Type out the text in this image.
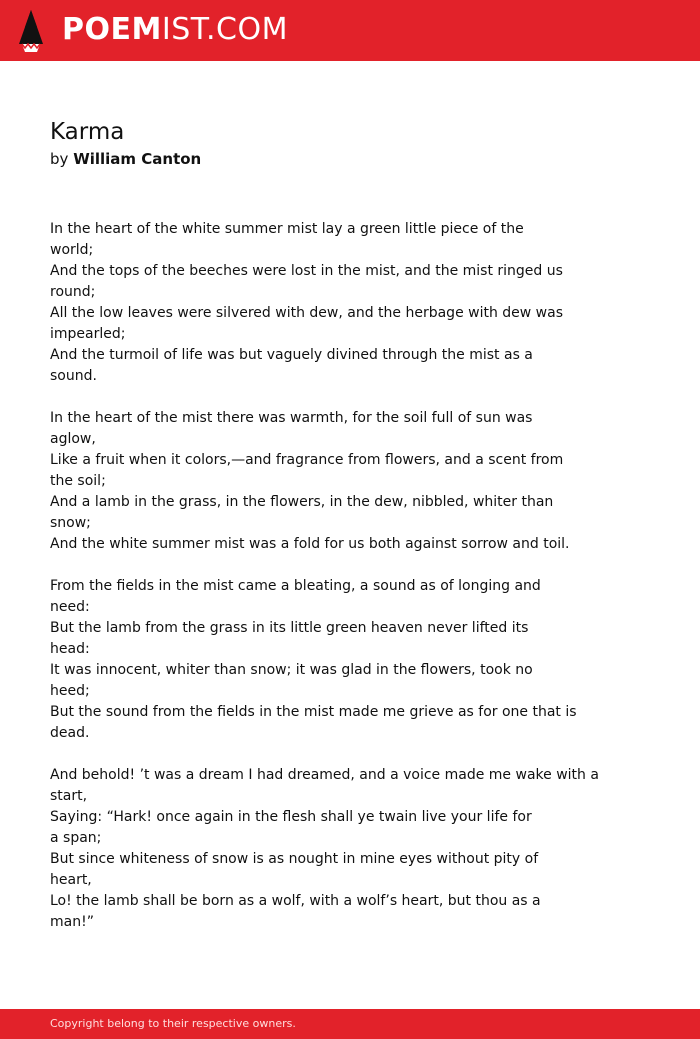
POEMIST.COM
Karma
by William Canton
In the heart of the white summer mist lay a green little piece of the
world;
And the tops of the beeches were lost in the mist, and the mist ringed us
round;
All the low leaves were silvered with dew, and the herbage with dew was
impearled;
And the turmoil of life was but vaguely divined through the mist as a
sound.
In the heart of the mist there was warmth, for the soil full of sun was
aglow,
Like a fruit when it colors,—and fragrance from flowers, and a scent from
the soil;
And a lamb in the grass, in the flowers, in the dew, nibbled, whiter than
snow;
And the white summer mist was a fold for us both against sorrow and toil.
From the fields in the mist came a bleating, a sound as of longing and
need:
But the lamb from the grass in its little green heaven never lifted its
head:
It was innocent, whiter than snow; it was glad in the flowers, took no
heed;
But the sound from the fields in the mist made me grieve as for one that is
dead.
And behold! ’t was a dream I had dreamed, and a voice made me wake with a
start,
Saying: “Hark! once again in the flesh shall ye twain live your life for
a span;
But since whiteness of snow is as nought in mine eyes without pity of
heart,
Lo! the lamb shall be born as a wolf, with a wolf’s heart, but thou as a
man!”
Copyright belong to their respective owners.
